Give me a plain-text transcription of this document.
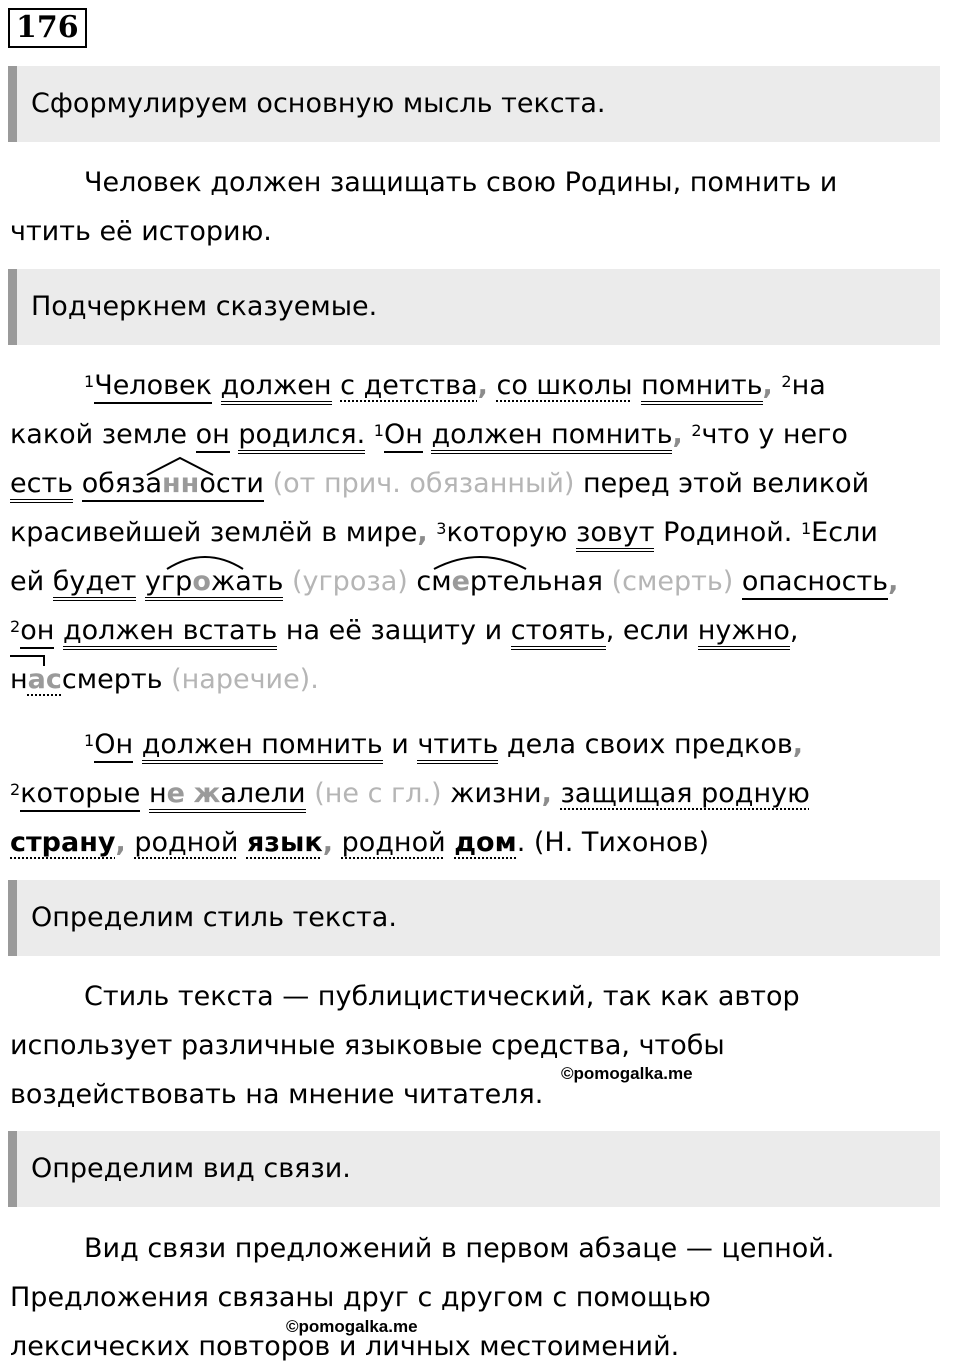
176
Сформулируем основную мысль текста.
Человек должен защищать свою Родины, помнить и
чтить её историю.
Подчеркнем сказуемые.
$^1$Человек должен с детства, со школы помнить, $^2$на
какой земле он родился. $^1$Он должен помнить, $^2$что у него
есть обязанности (от прич. обязанный) перед этой великой
красивейшей землёй в мире, $^3$которую зовут Родиной. $^1$Если
ей будет угрожать (угроза) смертельная (смерть) опасность,
$^2$он должен встать на её защиту и стоять, если нужно,
нассмерть (наречие).
$^1$Он должен помнить и чтить дела своих предков,
$^2$которые не жалели (не с гл.) жизни, защищая родную
страну, родной язык, родной дом. (Н. Тихонов)
Определим стиль текста.
Стиль текста — публицистический, так как автор
использует различные языковые средства, чтобы
воздействовать на мнение читателя.
©pomogalka.me
Определим вид связи.
Вид связи предложений в первом абзаце — цепной.
Предложения связаны друг с другом с помощью
лексических повторов и личных местоимений.
©pomogalka.me
